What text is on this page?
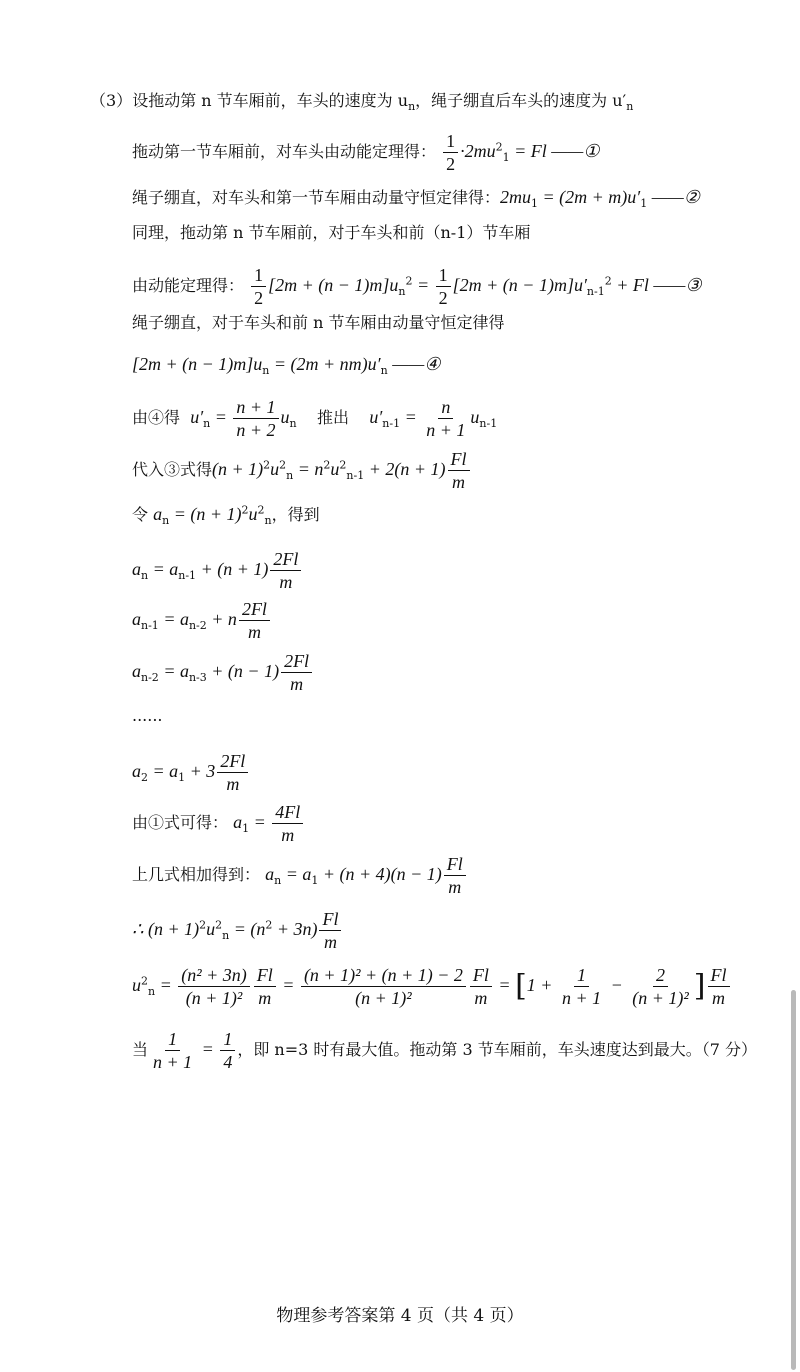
（3）设拖动第 n 节车厢前，车头的速度为 $u_n$，绳子绷直后车头的速度为 $u'_n$
拖动第一节车厢前，对车头由动能定理得： $\frac{1}{2} \cdot 2mu^2_1 = Fl$ ——①
绳子绷直，对车头和第一节车厢由动量守恒定律得：$2mu_1 = (2m + m)u'_1$ ——②
同理，拖动第 n 节车厢前，对于车头和前（n-1）节车厢
由动能定理得： $\frac{1}{2} [2m + (n - 1)m]u_n^2 = \frac{1}{2} [2m + (n - 1)m]u'_{n-1}^2 + Fl$ ——③
绳子绷直，对于车头和前 n 节车厢由动量守恒定律得
$[2m + (n - 1)m]u_n = (2m + nm)u'_n$ ——④
由④得 $u'_n = \frac{n + 1}{n + 2} u_n$ 推出 $u'_{n-1} = \frac{n}{n + 1} u_{n-1}$
代入③式得$(n + 1)^2u^2_n = n^2u^2_{n-1} + 2(n + 1) \frac{Fl}{m}$
令 $a_n = (n + 1)^2u^2_n$，得到
$a_n = a_{n-1} + (n + 1) \frac{2Fl}{m}$
$a_{n-1} = a_{n-2} + n \frac{2Fl}{m}$
$a_{n-2} = a_{n-3} + (n - 1) \frac{2Fl}{m}$
......
$a_2 = a_1 + 3 \frac{2Fl}{m}$
由①式可得： $a_1 = \frac{4Fl}{m}$
上几式相加得到： $a_n = a_1 + (n + 4)(n - 1) \frac{Fl}{m}$
∴ $(n + 1)^2u^2_n = (n^2 + 3n) \frac{Fl}{m}$
$u^2_n = \frac{\text{(n² + 3n)}}{\text{(n + 1)²}} \frac{Fl}{m} = \frac{\text{(n + 1)² + (n + 1) − 2}}{\text{(n + 1)²}} \frac{Fl}{m} = [1 + \frac{1}{n + 1} - \frac{2}{\text{(n + 1)²}}$ ] $\frac{Fl}{m}$
当 $\frac{1}{n + 1} = \frac{1}{4}$ ，即 n=3 时有最大值。拖动第 3 节车厢前，车头速度达到最大。（7 分）
物理参考答案第 4 页（共 4 页）
